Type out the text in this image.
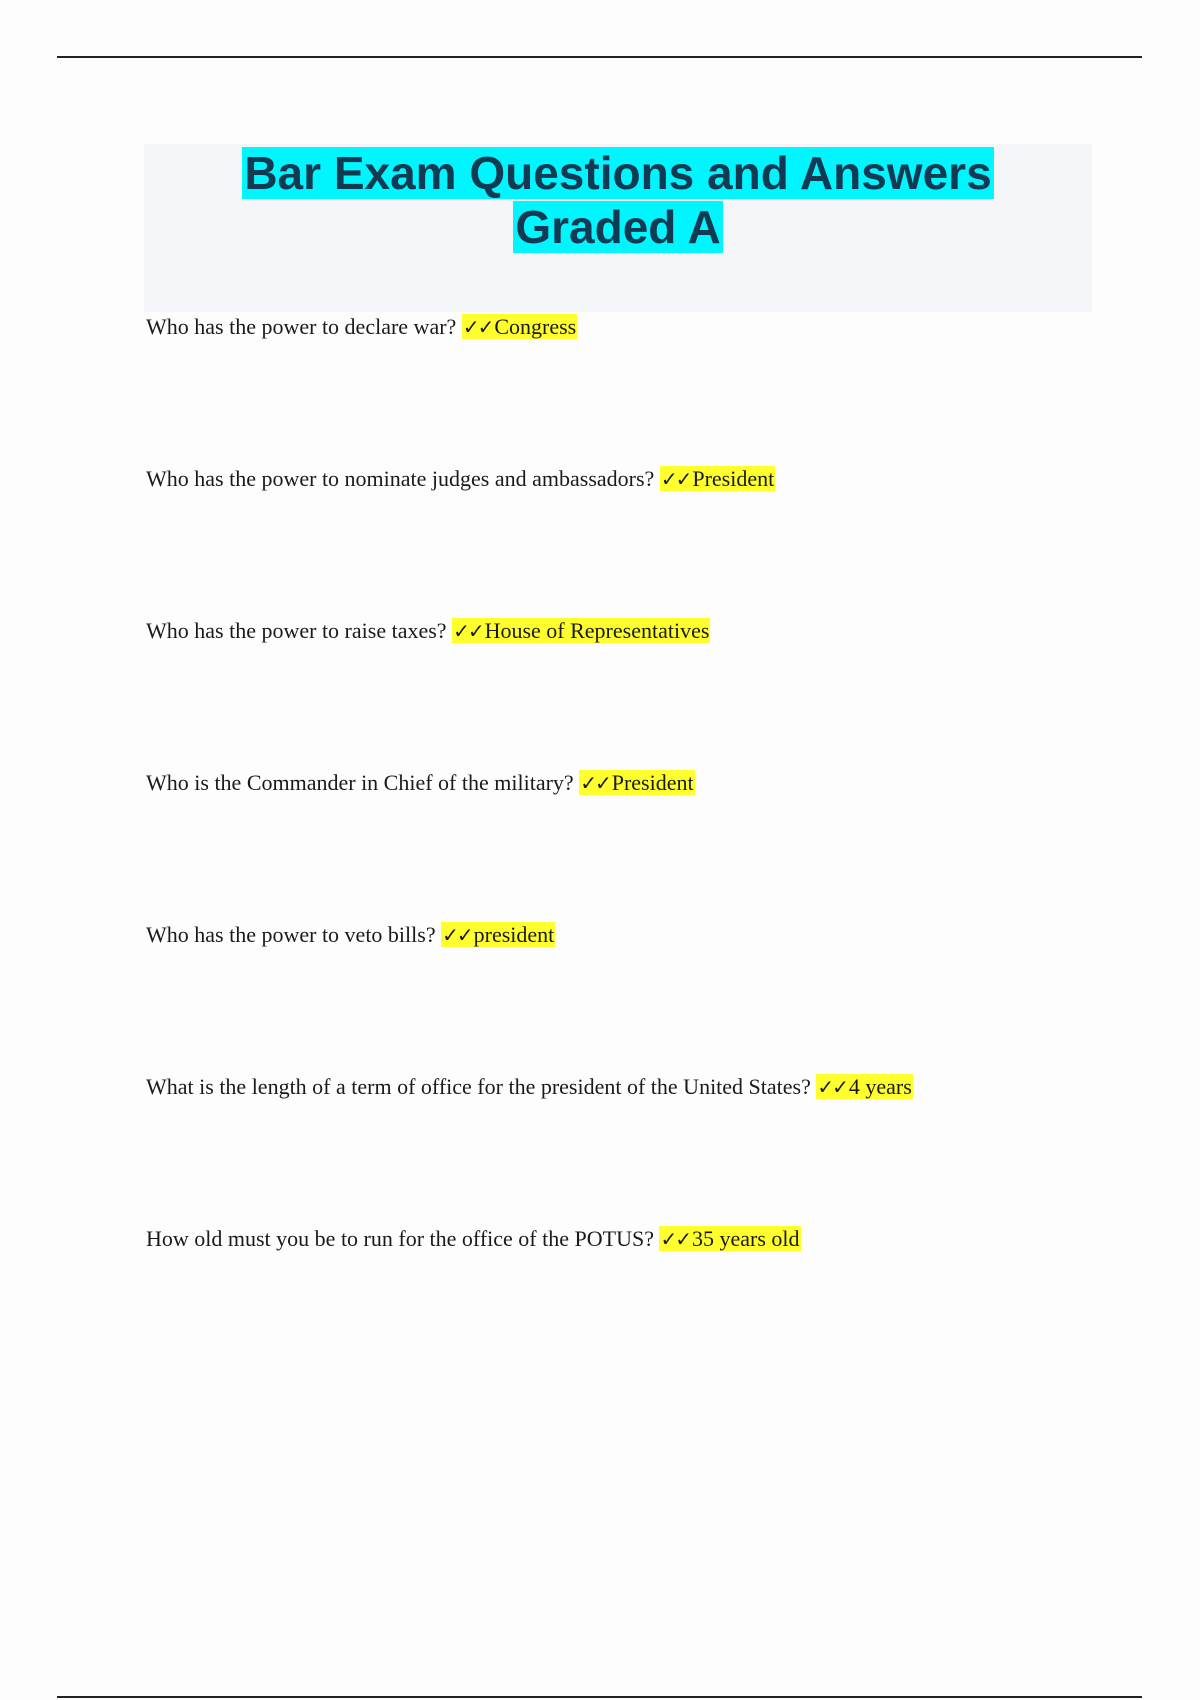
Bar Exam Questions and Answers
Graded A
Who has the power to declare war? ✓✓Congress
Who has the power to nominate judges and ambassadors? ✓✓President
Who has the power to raise taxes? ✓✓House of Representatives
Who is the Commander in Chief of the military? ✓✓President
Who has the power to veto bills? ✓✓president
What is the length of a term of office for the president of the United States? ✓✓4 years
How old must you be to run for the office of the POTUS? ✓✓35 years old
